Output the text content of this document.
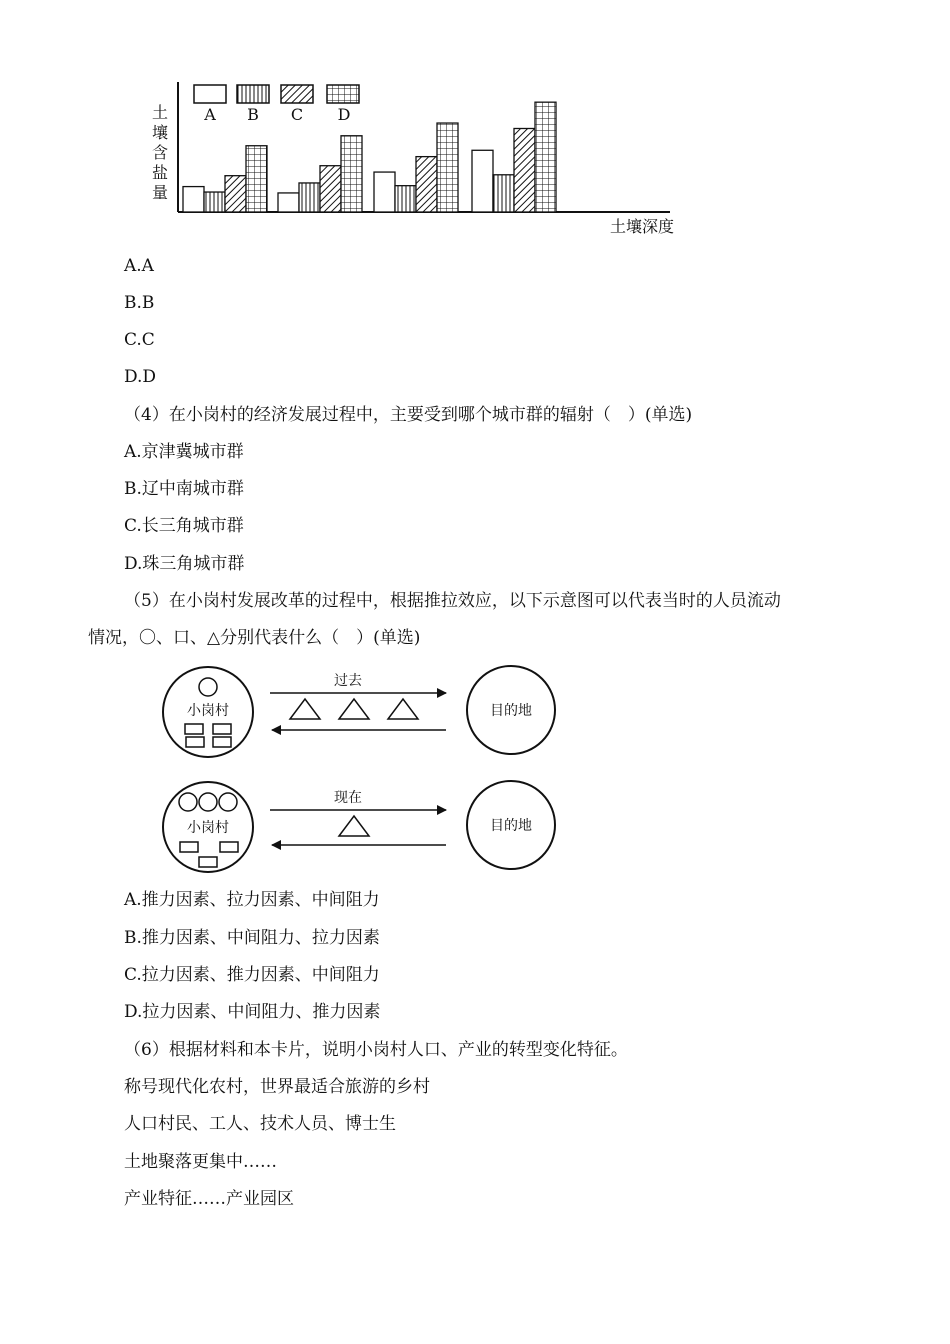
土
壤
含
盐
量
A B C D
土壤深度
A.A
B.B
C.C
D.D
（4）在小岗村的经济发展过程中，主要受到哪个城市群的辐射（　）(单选)
A.京津冀城市群
B.辽中南城市群
C.长三角城市群
D.珠三角城市群
（5）在小岗村发展改革的过程中，根据推拉效应，以下示意图可以代表当时的人员流动
情况，〇、口、△分别代表什么（　）(单选)
小岗村
过去
目的地
小岗村
现在
目的地
A.推力因素、拉力因素、中间阻力
B.推力因素、中间阻力、拉力因素
C.拉力因素、推力因素、中间阻力
D.拉力因素、中间阻力、推力因素
（6）根据材料和本卡片，说明小岗村人口、产业的转型变化特征。
称号现代化农村，世界最适合旅游的乡村
人口村民、工人、技术人员、博士生
土地聚落更集中……
产业特征……产业园区
